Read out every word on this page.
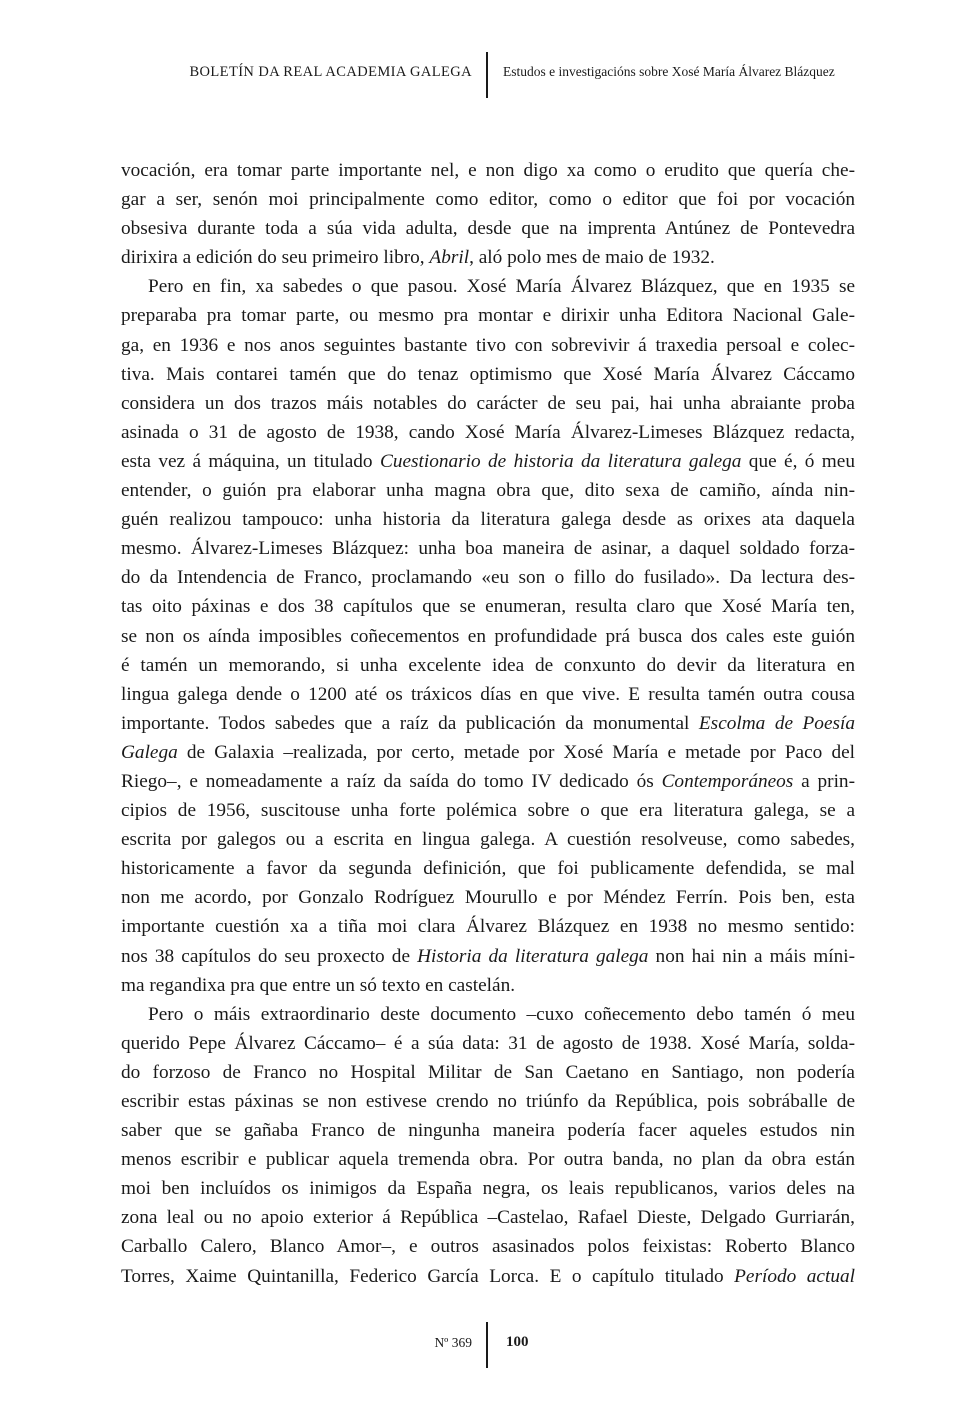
BOLETÍN DA REAL ACADEMIA GALEGA Estudos e investigacións sobre Xosé María Álvarez Blázquez
vocación, era tomar parte importante nel, e non digo xa como o erudito que quería che-
gar a ser, senón moi principalmente como editor, como o editor que foi por vocación
obsesiva durante toda a súa vida adulta, desde que na imprenta Antúnez de Pontevedra
dirixira a edición do seu primeiro libro, Abril, aló polo mes de maio de 1932.
Pero en fin, xa sabedes o que pasou. Xosé María Álvarez Blázquez, que en 1935 se
preparaba pra tomar parte, ou mesmo pra montar e dirixir unha Editora Nacional Gale-
ga, en 1936 e nos anos seguintes bastante tivo con sobrevivir á traxedia persoal e colec-
tiva. Mais contarei tamén que do tenaz optimismo que Xosé María Álvarez Cáccamo
considera un dos trazos máis notables do carácter de seu pai, hai unha abraiante proba
asinada o 31 de agosto de 1938, cando Xosé María Álvarez-Limeses Blázquez redacta,
esta vez á máquina, un titulado Cuestionario de historia da literatura galega que é, ó meu
entender, o guión pra elaborar unha magna obra que, dito sexa de camiño, aínda nin-
guén realizou tampouco: unha historia da literatura galega desde as orixes ata daquela
mesmo. Álvarez-Limeses Blázquez: unha boa maneira de asinar, a daquel soldado forza-
do da Intendencia de Franco, proclamando «eu son o fillo do fusilado». Da lectura des-
tas oito páxinas e dos 38 capítulos que se enumeran, resulta claro que Xosé María ten,
se non os aínda imposibles coñecementos en profundidade prá busca dos cales este guión
é tamén un memorando, si unha excelente idea de conxunto do devir da literatura en
lingua galega dende o 1200 até os tráxicos días en que vive. E resulta tamén outra cousa
importante. Todos sabedes que a raíz da publicación da monumental Escolma de Poesía
Galega de Galaxia –realizada, por certo, metade por Xosé María e metade por Paco del
Riego–, e nomeadamente a raíz da saída do tomo IV dedicado ós Contemporáneos a prin-
cipios de 1956, suscitouse unha forte polémica sobre o que era literatura galega, se a
escrita por galegos ou a escrita en lingua galega. A cuestión resolveuse, como sabedes,
historicamente a favor da segunda definición, que foi publicamente defendida, se mal
non me acordo, por Gonzalo Rodríguez Mourullo e por Méndez Ferrín. Pois ben, esta
importante cuestión xa a tiña moi clara Álvarez Blázquez en 1938 no mesmo sentido:
nos 38 capítulos do seu proxecto de Historia da literatura galega non hai nin a máis míni-
ma regandixa pra que entre un só texto en castelán.
Pero o máis extraordinario deste documento –cuxo coñecemento debo tamén ó meu
querido Pepe Álvarez Cáccamo– é a súa data: 31 de agosto de 1938. Xosé María, solda-
do forzoso de Franco no Hospital Militar de San Caetano en Santiago, non podería
escribir estas páxinas se non estivese crendo no triúnfo da República, pois sobráballe de
saber que se gañaba Franco de ningunha maneira podería facer aqueles estudos nin
menos escribir e publicar aquela tremenda obra. Por outra banda, no plan da obra están
moi ben incluídos os inimigos da España negra, os leais republicanos, varios deles na
zona leal ou no apoio exterior á República –Castelao, Rafael Dieste, Delgado Gurriarán,
Carballo Calero, Blanco Amor–, e outros asasinados polos feixistas: Roberto Blanco
Torres, Xaime Quintanilla, Federico García Lorca. E o capítulo titulado Período actual
Nº 369 100
